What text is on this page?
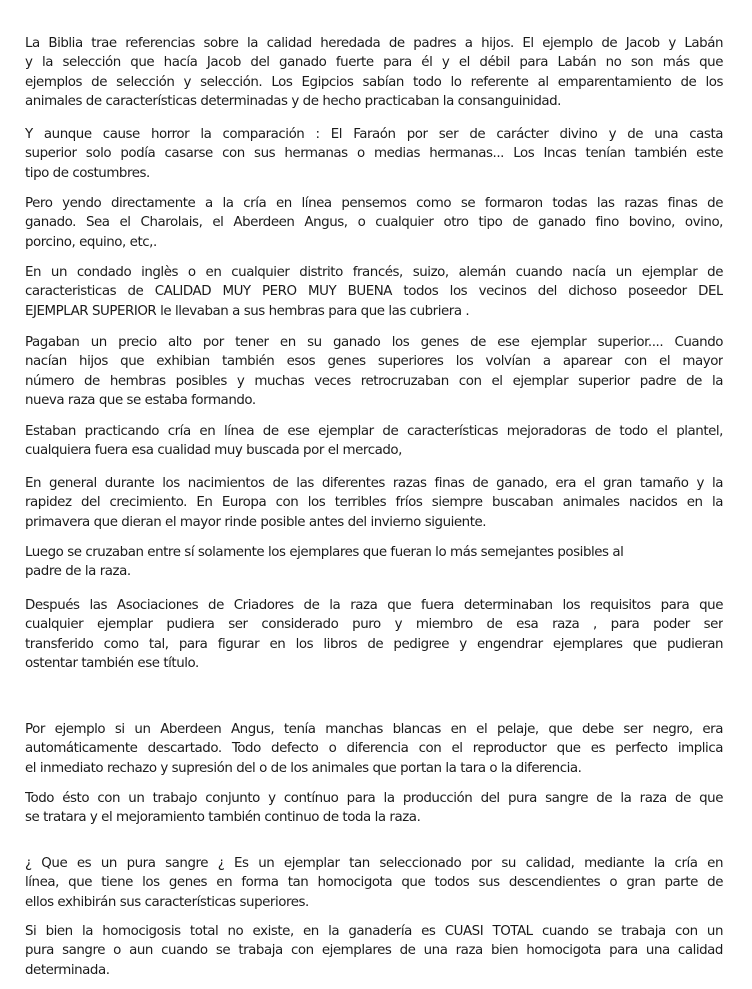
La Biblia trae referencias sobre la calidad heredada de padres a hijos. El ejemplo de Jacob y Labán
y la selección que hacía Jacob del ganado fuerte para él y el débil para Labán no son más que
ejemplos de selección y selección. Los Egipcios sabían todo lo referente al emparentamiento de los
animales de características determinadas y de hecho practicaban la consanguinidad.
Y aunque cause horror la comparación : El Faraón por ser de carácter divino y de una casta
superior solo podía casarse con sus hermanas o medias hermanas... Los Incas tenían también este
tipo de costumbres.
Pero yendo directamente a la cría en línea pensemos como se formaron todas las razas finas de
ganado. Sea el Charolais, el Aberdeen Angus, o cualquier otro tipo de ganado fino bovino, ovino,
porcino, equino, etc,.
En un condado inglès o en cualquier distrito francés, suizo, alemán cuando nacía un ejemplar de
caracteristicas de CALIDAD MUY PERO MUY BUENA todos los vecinos del dichoso poseedor DEL
EJEMPLAR SUPERIOR le llevaban a sus hembras para que las cubriera .
Pagaban un precio alto por tener en su ganado los genes de ese ejemplar superior.... Cuando
nacían hijos que exhibian también esos genes superiores los volvían a aparear con el mayor
número de hembras posibles y muchas veces retrocruzaban con el ejemplar superior padre de la
nueva raza que se estaba formando.
Estaban practicando cría en línea de ese ejemplar de características mejoradoras de todo el plantel,
cualquiera fuera esa cualidad muy buscada por el mercado,
En general durante los nacimientos de las diferentes razas finas de ganado, era el gran tamaño y la
rapidez del crecimiento. En Europa con los terribles fríos siempre buscaban animales nacidos en la
primavera que dieran el mayor rinde posible antes del invierno siguiente.
Luego se cruzaban entre sí solamente los ejemplares que fueran lo más semejantes posibles al
padre de la raza.
Después las Asociaciones de Criadores de la raza que fuera determinaban los requisitos para que
cualquier ejemplar pudiera ser considerado puro y miembro de esa raza , para poder ser
transferido como tal, para figurar en los libros de pedigree y engendrar ejemplares que pudieran
ostentar también ese título.
Por ejemplo si un Aberdeen Angus, tenía manchas blancas en el pelaje, que debe ser negro, era
automáticamente descartado. Todo defecto o diferencia con el reproductor que es perfecto implica
el inmediato rechazo y supresión del o de los animales que portan la tara o la diferencia.
Todo ésto con un trabajo conjunto y contínuo para la producción del pura sangre de la raza de que
se tratara y el mejoramiento también continuo de toda la raza.
¿ Que es un pura sangre ¿ Es un ejemplar tan seleccionado por su calidad, mediante la cría en
línea, que tiene los genes en forma tan homocigota que todos sus descendientes o gran parte de
ellos exhibirán sus características superiores.
Si bien la homocigosis total no existe, en la ganadería es CUASI TOTAL cuando se trabaja con un
pura sangre o aun cuando se trabaja con ejemplares de una raza bien homocigota para una calidad
determinada.
